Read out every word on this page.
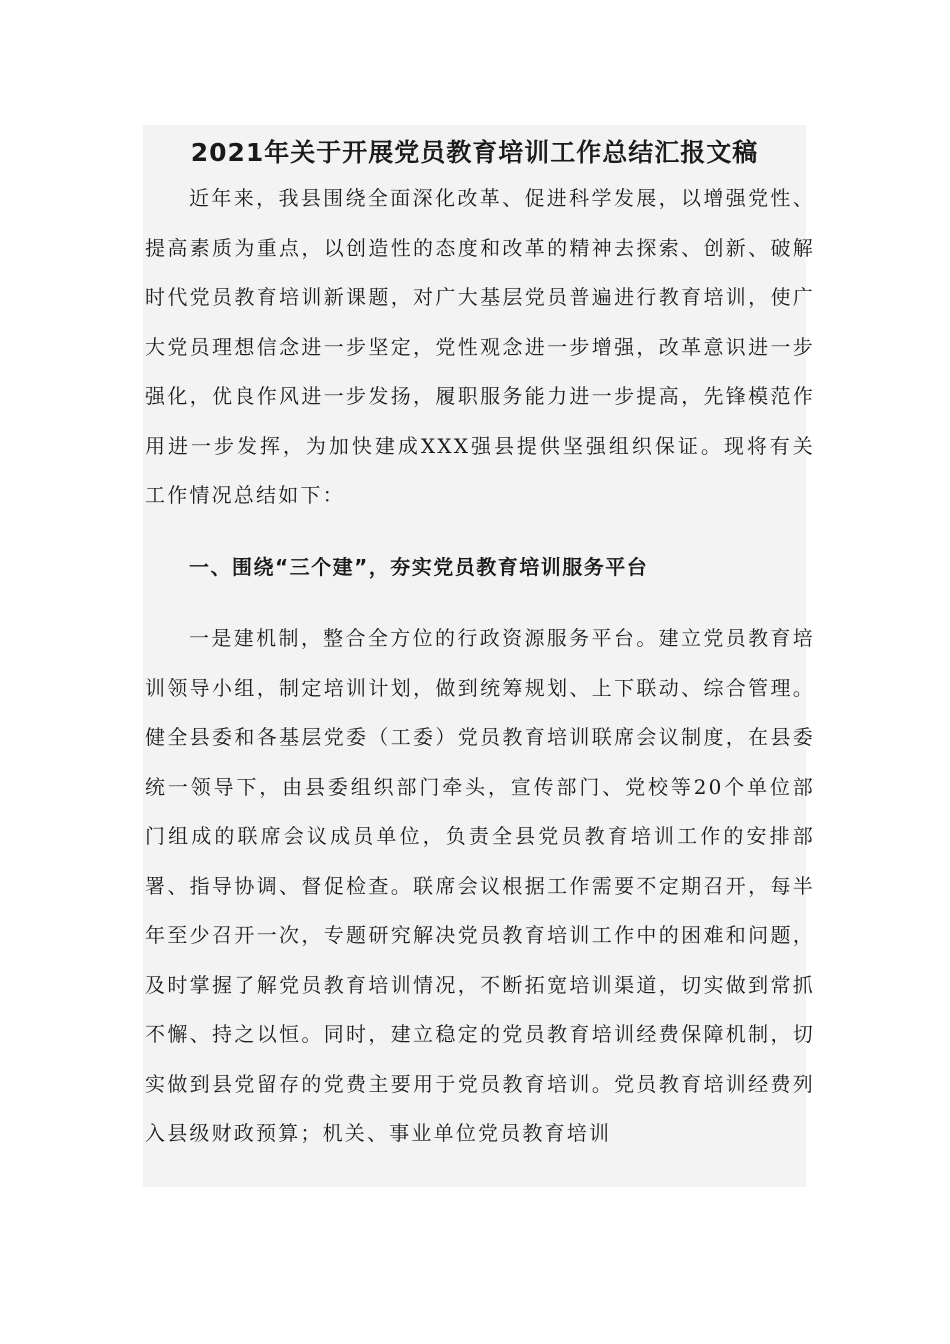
2021年关于开展党员教育培训工作总结汇报文稿

近年来，我县围绕全面深化改革、促进科学发展，以增强党性、提高素质为重点，以创造性的态度和改革的精神去探索、创新、破解时代党员教育培训新课题，对广大基层党员普遍进行教育培训，使广大党员理想信念进一步坚定，党性观念进一步增强，改革意识进一步强化，优良作风进一步发扬，履职服务能力进一步提高，先锋模范作用进一步发挥，为加快建成XXX强县提供坚强组织保证。现将有关工作情况总结如下：

一、围绕“三个建”，夯实党员教育培训服务平台

一是建机制，整合全方位的行政资源服务平台。建立党员教育培训领导小组，制定培训计划，做到统筹规划、上下联动、综合管理。健全县委和各基层党委（工委）党员教育培训联席会议制度，在县委统一领导下，由县委组织部门牵头，宣传部门、党校等20个单位部门组成的联席会议成员单位，负责全县党员教育培训工作的安排部署、指导协调、督促检查。联席会议根据工作需要不定期召开，每半年至少召开一次，专题研究解决党员教育培训工作中的困难和问题，及时掌握了解党员教育培训情况，不断拓宽培训渠道，切实做到常抓不懈、持之以恒。同时，建立稳定的党员教育培训经费保障机制，切实做到县党留存的党费主要用于党员教育培训。党员教育培训经费列入县级财政预算；机关、事业单位党员教育培训
